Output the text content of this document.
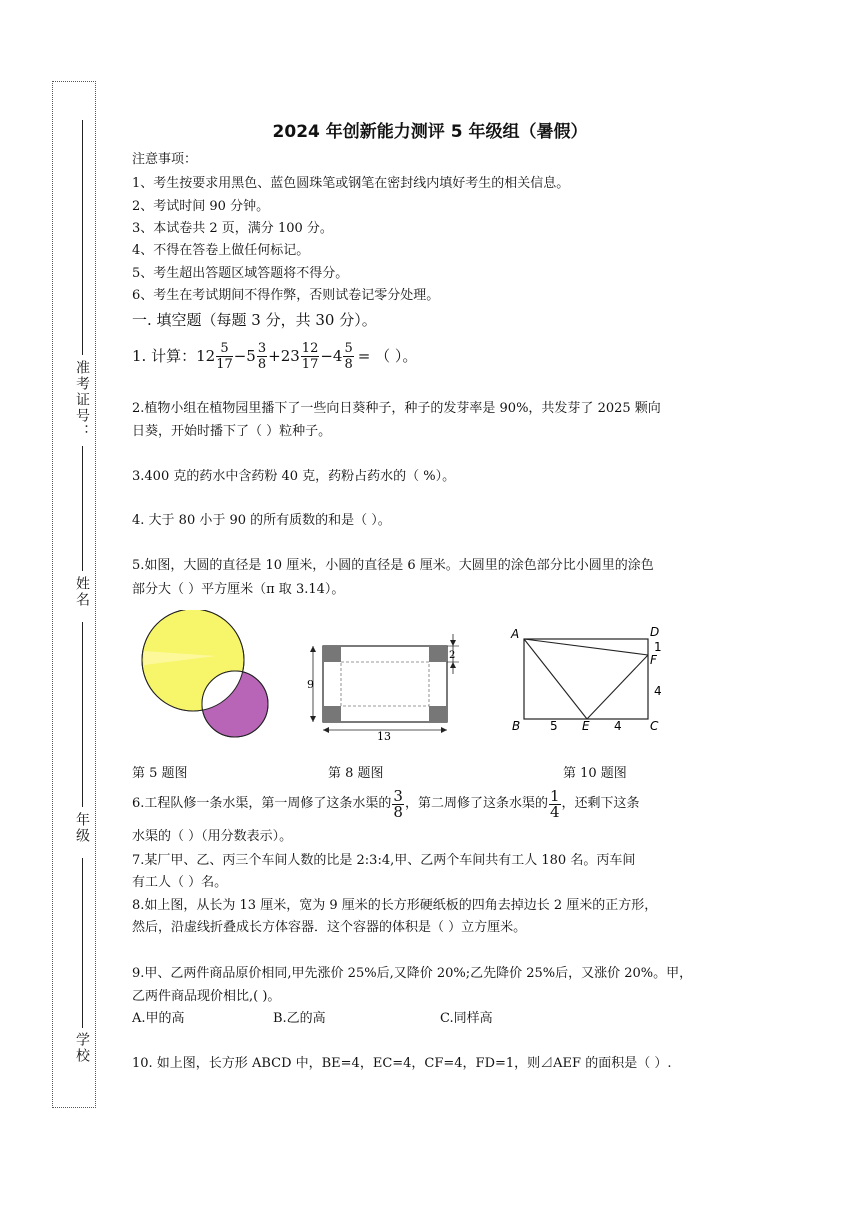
准考证号：
姓名
年级
学校
2024 年创新能力测评 5 年级组（暑假）
注意事项：
1、考生按要求用黑色、蓝色圆珠笔或钢笔在密封线内填好考生的相关信息。
2、考试时间 90 分钟。
3、本试卷共 2 页，满分 100 分。
4、不得在答卷上做任何标记。
5、考生超出答题区域答题将不得分。
6、考生在考试期间不得作弊，否则试卷记零分处理。
一. 填空题（每题 3 分，共 30 分）。
1. 计算： $12 \frac{5}{17} -5 \frac{3}{8} +23 \frac{12}{17} -4 \frac{5}{8}$ = （ ）。
2.植物小组在植物园里播下了一些向日葵种子，种子的发芽率是 90%，共发芽了 2025 颗向
日葵，开始时播下了（ ）粒种子。
3.400 克的药水中含药粉 40 克，药粉占药水的（ %）。
4. 大于 80 小于 90 的所有质数的和是（ ）。
5.如图，大圆的直径是 10 厘米，小圆的直径是 6 厘米。大圆里的涂色部分比小圆里的涂色
部分大（ ）平方厘米（π 取 3.14）。
9
13
2
A	D
F
B	E	C
5	4
4
1
第 5 题图	第 8 题图	第 10 题图
6.工程队修一条水渠，第一周修了这条水渠的 $\frac{3}{8}$ ，第二周修了这条水渠的 $\frac{1}{4}$ ，还剩下这条
水渠的（ ）（用分数表示）。
7.某厂甲、乙、丙三个车间人数的比是 2:3:4,甲、乙两个车间共有工人 180 名。丙车间
有工人（ ）名。
8.如上图，从长为 13 厘米，宽为 9 厘米的长方形硬纸板的四角去掉边长 2 厘米的正方形，
然后，沿虚线折叠成长方体容器．这个容器的体积是（ ）立方厘米。
9.甲、乙两件商品原价相同,甲先涨价 25%后,又降价 20%;乙先降价 25%后，又涨价 20%。甲，
乙两件商品现价相比,( )。
A.甲的高	B.乙的高	C.同样高
10. 如上图，长方形 ABCD 中，BE=4，EC=4，CF=4，FD=1，则⊿AEF 的面积是（ ）.
